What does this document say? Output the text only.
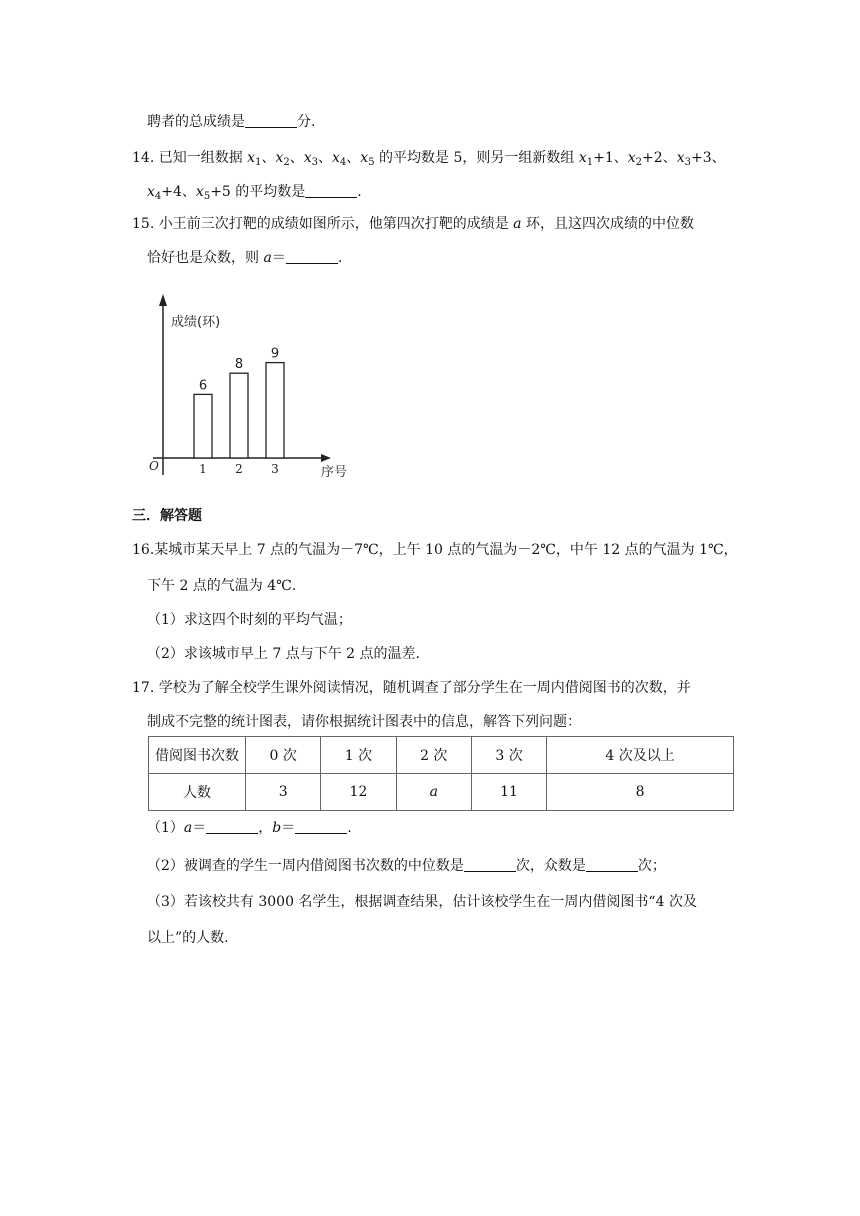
聘者的总成绩是	分.
14. 已知一组数据 $x_1$、$x_2$、$x_3$、$x_4$、$x_5$ 的平均数是 5，则另一组新数组 $x_1+1$、$x_2+2$、$x_3+3$、
$x_4+4$、$x_5+5$ 的平均数是	.
15. 小王前三次打靶的成绩如图所示，他第四次打靶的成绩是 a 环，且这四次成绩的中位数
恰好也是众数，则 a＝	.
成绩(环)
序号
O
6
1
8
2
9
3
三．解答题
16.某城市某天早上 7 点的气温为－7℃，上午 10 点的气温为－2℃，中午 12 点的气温为 1℃，
下午 2 点的气温为 4℃.
（1）求这四个时刻的平均气温；
（2）求该城市早上 7 点与下午 2 点的温差.
17. 学校为了解全校学生课外阅读情况，随机调查了部分学生在一周内借阅图书的次数，并
制成不完整的统计图表，请你根据统计图表中的信息，解答下列问题：
借阅图书次数	0 次	1 次	2 次	3 次	4 次及以上
人数	3	12	a	11	8
（1）a＝	，b＝	.
（2）被调查的学生一周内借阅图书次数的中位数是	次，众数是	次；
（3）若该校共有 3000 名学生，根据调查结果，估计该校学生在一周内借阅图书“4 次及
以上”的人数.
